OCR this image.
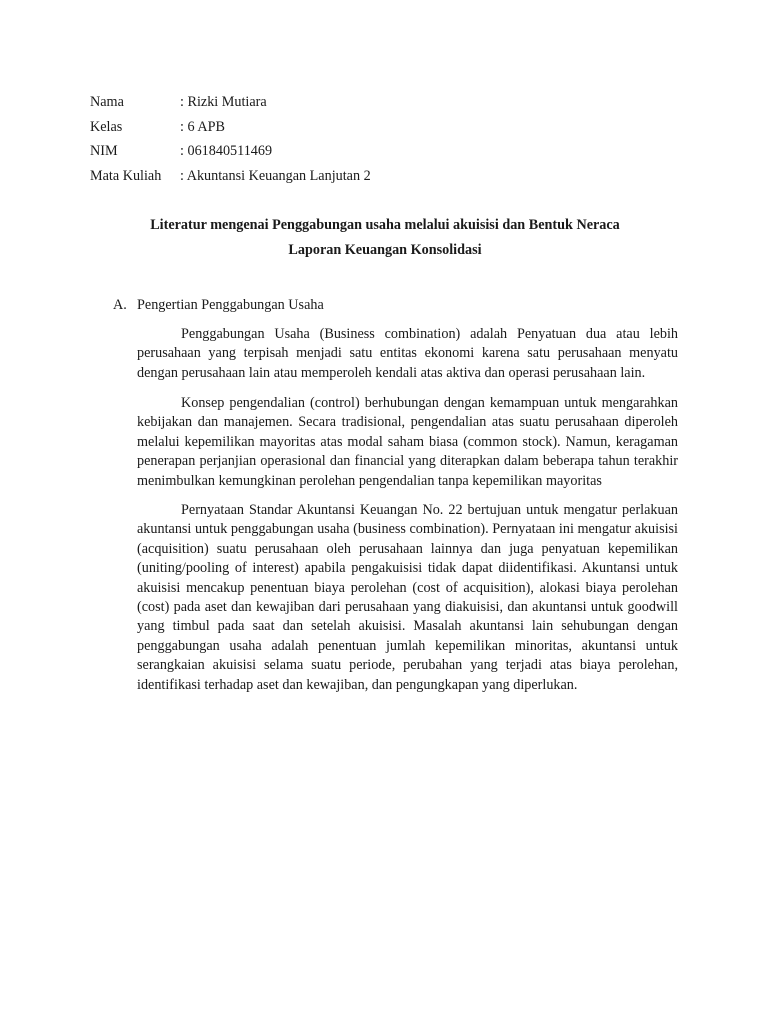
Nama	: Rizki Mutiara
Kelas	: 6 APB
NIM	: 061840511469
Mata Kuliah	: Akuntansi Keuangan Lanjutan 2
Literatur mengenai Penggabungan usaha melalui akuisisi dan Bentuk Neraca
Laporan Keuangan Konsolidasi
A. Pengertian Penggabungan Usaha

Penggabungan Usaha (Business combination) adalah Penyatuan dua atau lebih perusahaan yang terpisah menjadi satu entitas ekonomi karena satu perusahaan menyatu dengan perusahaan lain atau memperoleh kendali atas aktiva dan operasi perusahaan lain.

Konsep pengendalian (control) berhubungan dengan kemampuan untuk mengarahkan kebijakan dan manajemen. Secara tradisional, pengendalian atas suatu perusahaan diperoleh melalui kepemilikan mayoritas atas modal saham biasa (common stock). Namun, keragaman penerapan perjanjian operasional dan financial yang diterapkan dalam beberapa tahun terakhir menimbulkan kemungkinan perolehan pengendalian tanpa kepemilikan mayoritas

Pernyataan Standar Akuntansi Keuangan No. 22 bertujuan untuk mengatur perlakuan akuntansi untuk penggabungan usaha (business combination). Pernyataan ini mengatur akuisisi (acquisition) suatu perusahaan oleh perusahaan lainnya dan juga penyatuan kepemilikan (uniting/pooling of interest) apabila pengakuisisi tidak dapat diidentifikasi. Akuntansi untuk akuisisi mencakup penentuan biaya perolehan (cost of acquisition), alokasi biaya perolehan (cost) pada aset dan kewajiban dari perusahaan yang diakuisisi, dan akuntansi untuk goodwill yang timbul pada saat dan setelah akuisisi. Masalah akuntansi lain sehubungan dengan penggabungan usaha adalah penentuan jumlah kepemilikan minoritas, akuntansi untuk serangkaian akuisisi selama suatu periode, perubahan yang terjadi atas biaya perolehan, identifikasi terhadap aset dan kewajiban, dan pengungkapan yang diperlukan.
